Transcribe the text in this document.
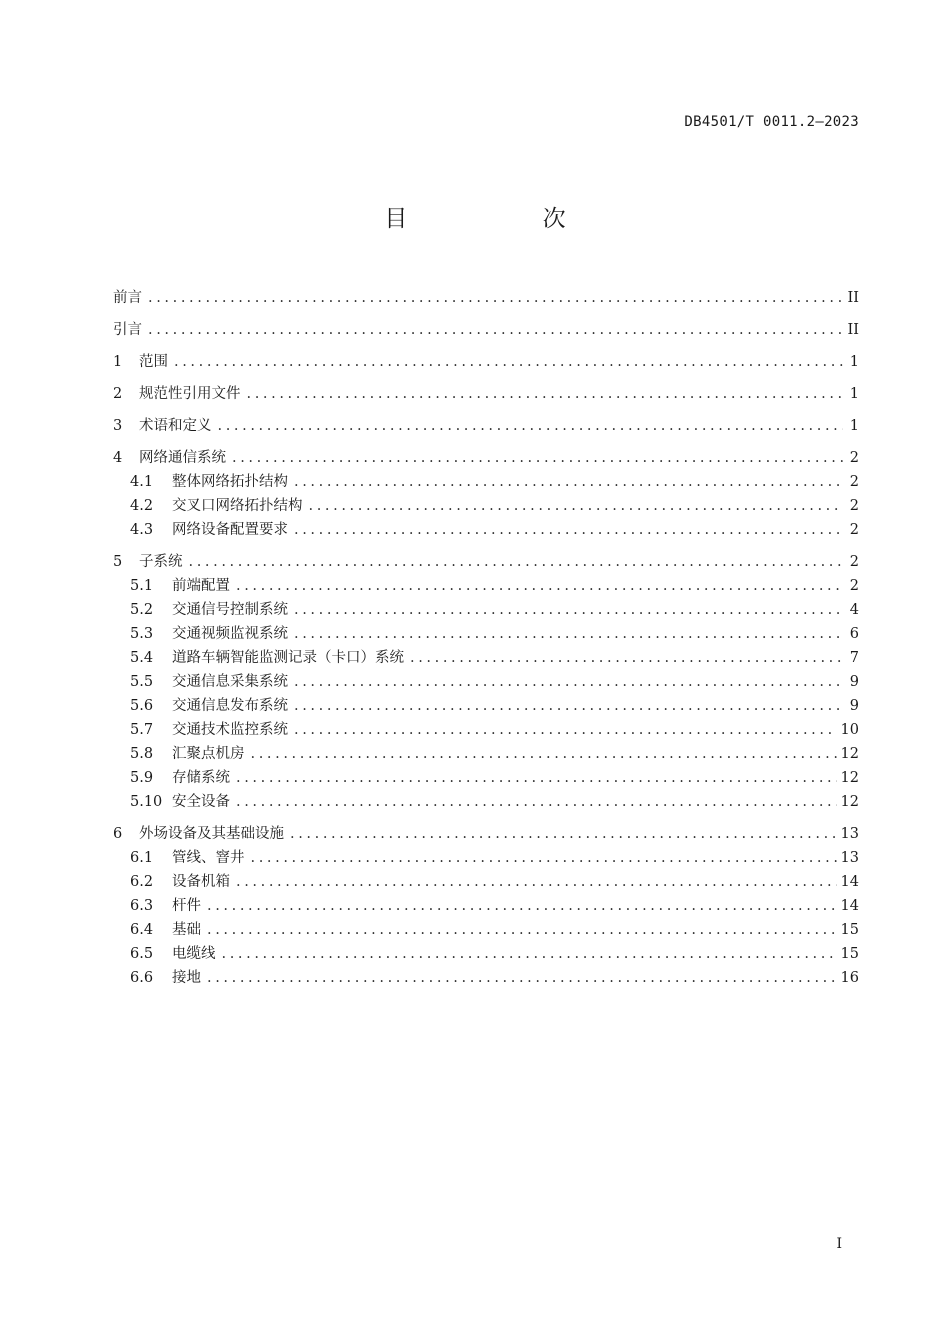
DB4501/T 0011.2—2023
目 次
前言 .....	II
引言 .....	II
1	范围 .....	1
2	规范性引用文件 .....	1
3	术语和定义 .....	1
4	网络通信系统 .....	2
4.1	整体网络拓扑结构 .....	2
4.2	交叉口网络拓扑结构 .....	2
4.3	网络设备配置要求 .....	2
5	子系统 .....	2
5.1	前端配置 .....	2
5.2	交通信号控制系统 .....	4
5.3	交通视频监视系统 .....	6
5.4	道路车辆智能监测记录（卡口）系统 .....	7
5.5	交通信息采集系统 .....	9
5.6	交通信息发布系统 .....	9
5.7	交通技术监控系统 .....	10
5.8	汇聚点机房 .....	12
5.9	存储系统 .....	12
5.10 安全设备 .....	12
6	外场设备及其基础设施 .....	13
6.1	管线、窨井 .....	13
6.2	设备机箱 .....	14
6.3	杆件 .....	14
6.4	基础 .....	15
6.5	电缆线 .....	15
6.6	接地 .....	16
I
